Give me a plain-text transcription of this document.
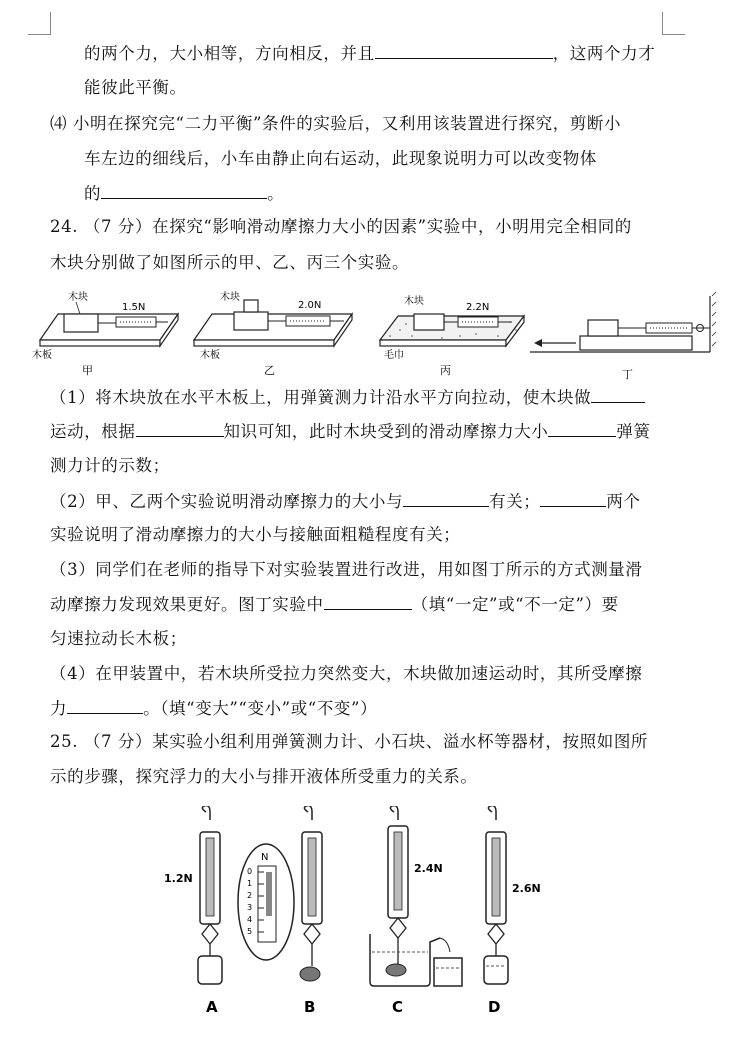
的两个力，大小相等，方向相反，并且	，这两个力才
能彼此平衡。
⑷ 小明在探究完“二力平衡”条件的实验后，又利用该装置进行探究，剪断小
车左边的细线后，小车由静止向右运动，此现象说明力可以改变物体
的	。
24. （7 分）在探究“影响滑动摩擦力大小的因素”实验中，小明用完全相同的
木块分别做了如图所示的甲、乙、丙三个实验。
木块
1.5N
木板
甲
木块
2.0N
木板
乙
木块
2.2N
毛巾
丙	丁
（1）将木块放在水平木板上，用弹簧测力计沿水平方向拉动，使木块做
运动，根据	知识可知，此时木块受到的滑动摩擦力大小	弹簧
测力计的示数；
（2）甲、乙两个实验说明滑动摩擦力的大小与	有关；	两个
实验说明了滑动摩擦力的大小与接触面粗糙程度有关；
（3）同学们在老师的指导下对实验装置进行改进，用如图丁所示的方式测量滑
动摩擦力发现效果更好。图丁实验中	（填“一定”或“不一定”）要
匀速拉动长木板；
（4）在甲装置中，若木块所受拉力突然变大，木块做加速运动时，其所受摩擦
力	。（填“变大”“变小”或“不变”）
25. （7 分）某实验小组利用弹簧测力计、小石块、溢水杯等器材，按照如图所
示的步骤，探究浮力的大小与排开液体所受重力的关系。
1.2N
A
N
0
1
2
3
4
5
B
2.4N
C
2.6N
D
